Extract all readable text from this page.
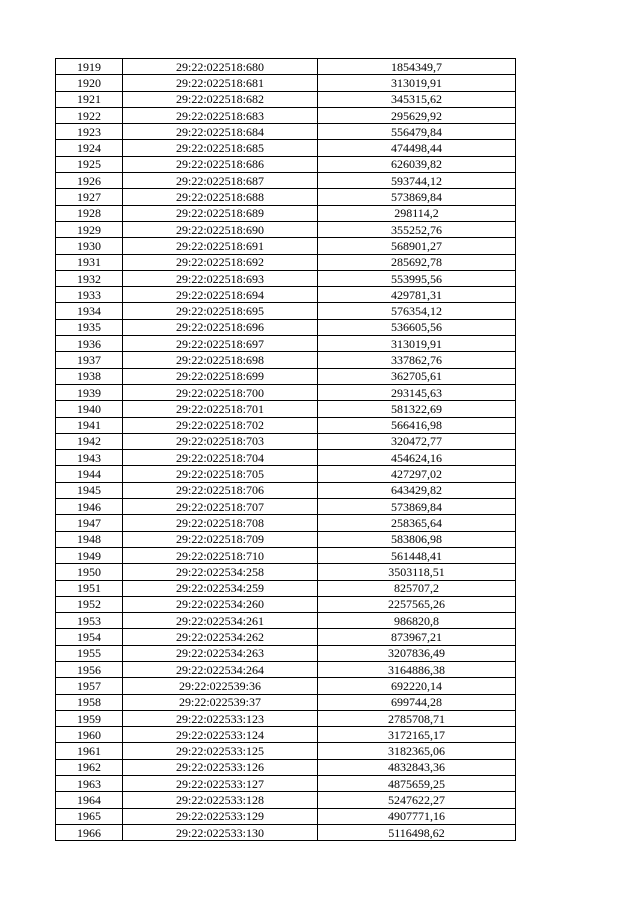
1919	29:22:022518:680	1854349,7
1920	29:22:022518:681	313019,91
1921	29:22:022518:682	345315,62
1922	29:22:022518:683	295629,92
1923	29:22:022518:684	556479,84
1924	29:22:022518:685	474498,44
1925	29:22:022518:686	626039,82
1926	29:22:022518:687	593744,12
1927	29:22:022518:688	573869,84
1928	29:22:022518:689	298114,2
1929	29:22:022518:690	355252,76
1930	29:22:022518:691	568901,27
1931	29:22:022518:692	285692,78
1932	29:22:022518:693	553995,56
1933	29:22:022518:694	429781,31
1934	29:22:022518:695	576354,12
1935	29:22:022518:696	536605,56
1936	29:22:022518:697	313019,91
1937	29:22:022518:698	337862,76
1938	29:22:022518:699	362705,61
1939	29:22:022518:700	293145,63
1940	29:22:022518:701	581322,69
1941	29:22:022518:702	566416,98
1942	29:22:022518:703	320472,77
1943	29:22:022518:704	454624,16
1944	29:22:022518:705	427297,02
1945	29:22:022518:706	643429,82
1946	29:22:022518:707	573869,84
1947	29:22:022518:708	258365,64
1948	29:22:022518:709	583806,98
1949	29:22:022518:710	561448,41
1950	29:22:022534:258	3503118,51
1951	29:22:022534:259	825707,2
1952	29:22:022534:260	2257565,26
1953	29:22:022534:261	986820,8
1954	29:22:022534:262	873967,21
1955	29:22:022534:263	3207836,49
1956	29:22:022534:264	3164886,38
1957	29:22:022539:36	692220,14
1958	29:22:022539:37	699744,28
1959	29:22:022533:123	2785708,71
1960	29:22:022533:124	3172165,17
1961	29:22:022533:125	3182365,06
1962	29:22:022533:126	4832843,36
1963	29:22:022533:127	4875659,25
1964	29:22:022533:128	5247622,27
1965	29:22:022533:129	4907771,16
1966	29:22:022533:130	5116498,62
